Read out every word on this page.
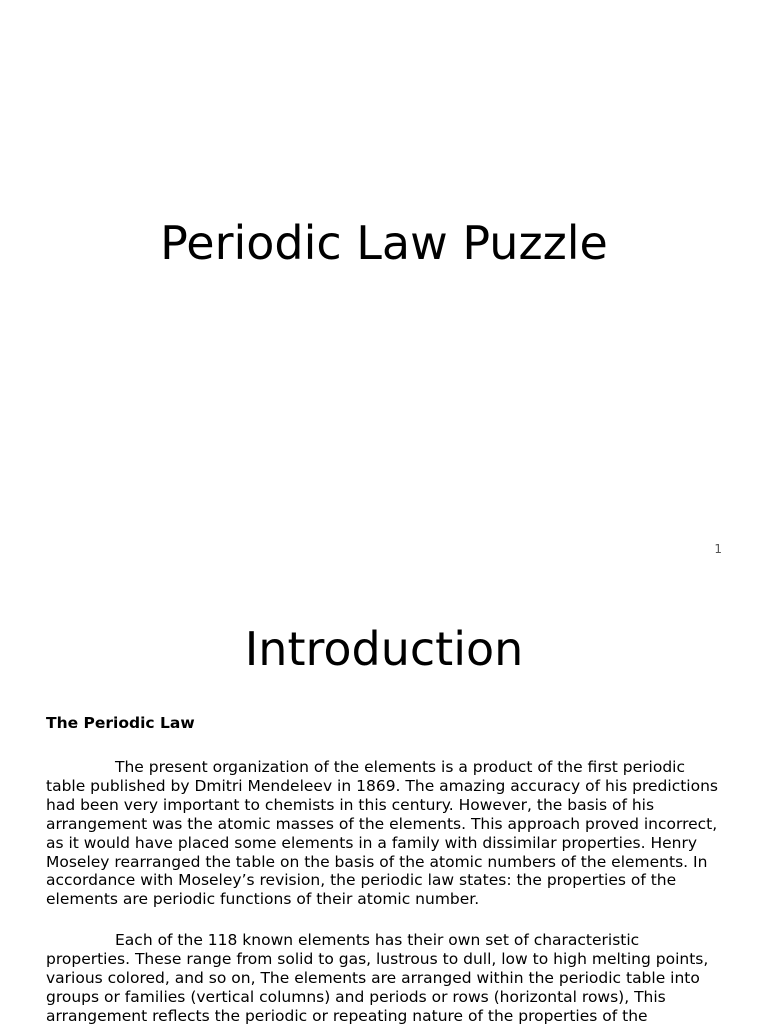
Periodic Law Puzzle
1
Introduction
The Periodic Law

The present organization of the elements is a product of the first periodic table published by Dmitri Mendeleev in 1869. The amazing accuracy of his predictions had been very important to chemists in this century. However, the basis of his arrangement was the atomic masses of the elements. This approach proved incorrect, as it would have placed some elements in a family with dissimilar properties. Henry Moseley rearranged the table on the basis of the atomic numbers of the elements. In accordance with Moseley’s revision, the periodic law states: the properties of the elements are periodic functions of their atomic number.

Each of the 118 known elements has their own set of characteristic properties. These range from solid to gas, lustrous to dull, low to high melting points, various colored, and so on, The elements are arranged within the periodic table into groups or families (vertical columns) and periods or rows (horizontal rows), This arrangement reflects the periodic or repeating nature of the properties of the
